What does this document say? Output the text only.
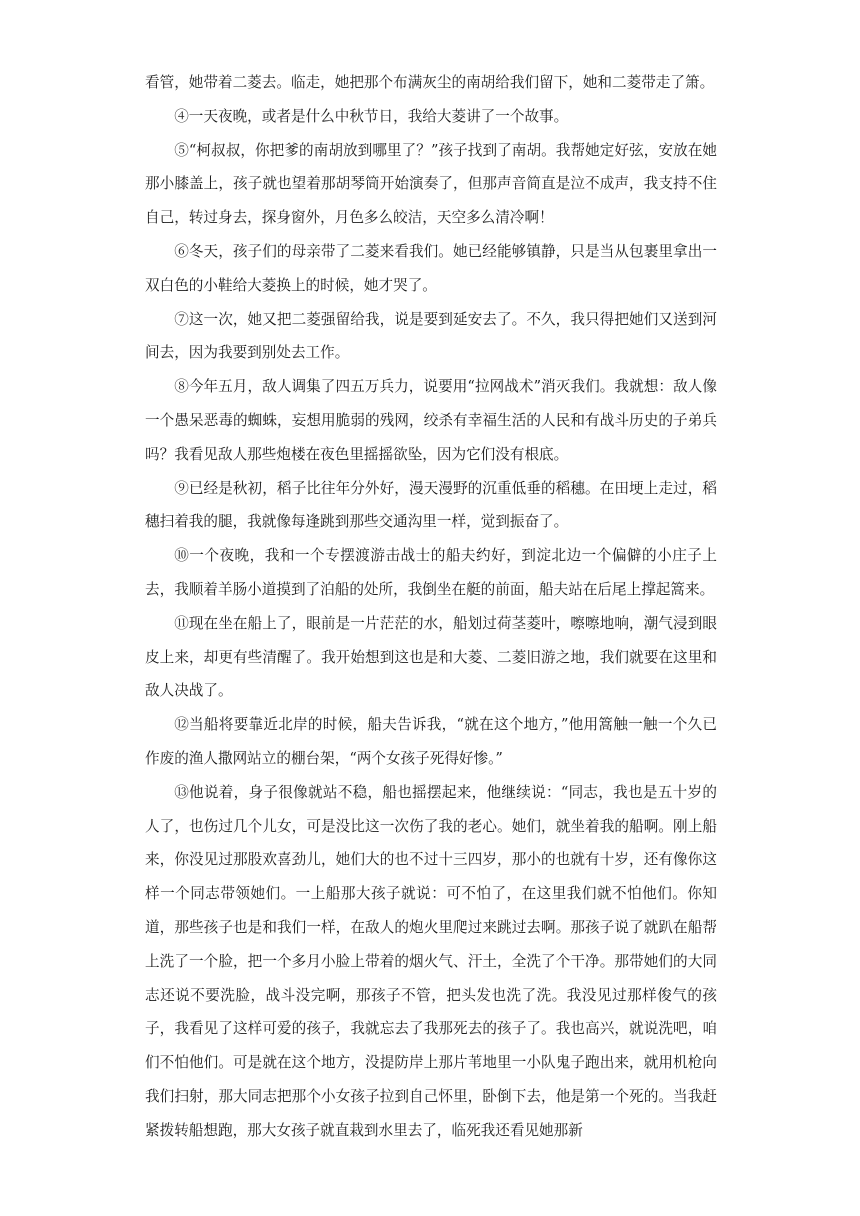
看管，她带着二菱去。临走，她把那个布满灰尘的南胡给我们留下，她和二菱带走了箫。

④一天夜晚，或者是什么中秋节日，我给大菱讲了一个故事。

⑤“柯叔叔，你把爹的南胡放到哪里了？”孩子找到了南胡。我帮她定好弦，安放在她那小膝盖上，孩子就也望着那胡琴筒开始演奏了，但那声音简直是泣不成声，我支持不住自己，转过身去，探身窗外，月色多么皎洁，天空多么清冷啊！

⑥冬天，孩子们的母亲带了二菱来看我们。她已经能够镇静，只是当从包裹里拿出一双白色的小鞋给大菱换上的时候，她才哭了。

⑦这一次，她又把二菱强留给我，说是要到延安去了。不久，我只得把她们又送到河间去，因为我要到别处去工作。

⑧今年五月，敌人调集了四五万兵力，说要用“拉网战术”消灭我们。我就想：敌人像一个愚呆恶毒的蜘蛛，妄想用脆弱的残网，绞杀有幸福生活的人民和有战斗历史的子弟兵吗？我看见敌人那些炮楼在夜色里摇摇欲坠，因为它们没有根底。

⑨已经是秋初，稻子比往年分外好，漫天漫野的沉重低垂的稻穗。在田埂上走过，稻穗扫着我的腿，我就像每逢跳到那些交通沟里一样，觉到振奋了。

⑩一个夜晚，我和一个专摆渡游击战士的船夫约好，到淀北边一个偏僻的小庄子上去，我顺着羊肠小道摸到了泊船的处所，我倒坐在艇的前面，船夫站在后尾上撑起篙来。

⑪现在坐在船上了，眼前是一片茫茫的水，船划过荷茎菱叶，嚓嚓地响，潮气浸到眼皮上来，却更有些清醒了。我开始想到这也是和大菱、二菱旧游之地，我们就要在这里和敌人决战了。

⑫当船将要靠近北岸的时候，船夫告诉我，“就在这个地方，”他用篙触一触一个久已作废的渔人撒网站立的棚台架，“两个女孩子死得好惨。”

⑬他说着，身子很像就站不稳，船也摇摆起来，他继续说：“同志，我也是五十岁的人了，也伤过几个儿女，可是没比这一次伤了我的老心。她们，就坐着我的船啊。刚上船来，你没见过那股欢喜劲儿，她们大的也不过十三四岁，那小的也就有十岁，还有像你这样一个同志带领她们。一上船那大孩子就说：可不怕了，在这里我们就不怕他们。你知道，那些孩子也是和我们一样，在敌人的炮火里爬过来跳过去啊。那孩子说了就趴在船帮上洗了一个脸，把一个多月小脸上带着的烟火气、汗土，全洗了个干净。那带她们的大同志还说不要洗脸，战斗没完啊，那孩子不管，把头发也洗了洗。我没见过那样俊气的孩子，我看见了这样可爱的孩子，我就忘去了我那死去的孩子了。我也高兴，就说洗吧，咱们不怕他们。可是就在这个地方，没提防岸上那片苇地里一小队鬼子跑出来，就用机枪向我们扫射，那大同志把那个小女孩子拉到自己怀里，卧倒下去，他是第一个死的。当我赶紧拨转船想跑，那大女孩子就直栽到水里去了，临死我还看见她那新
